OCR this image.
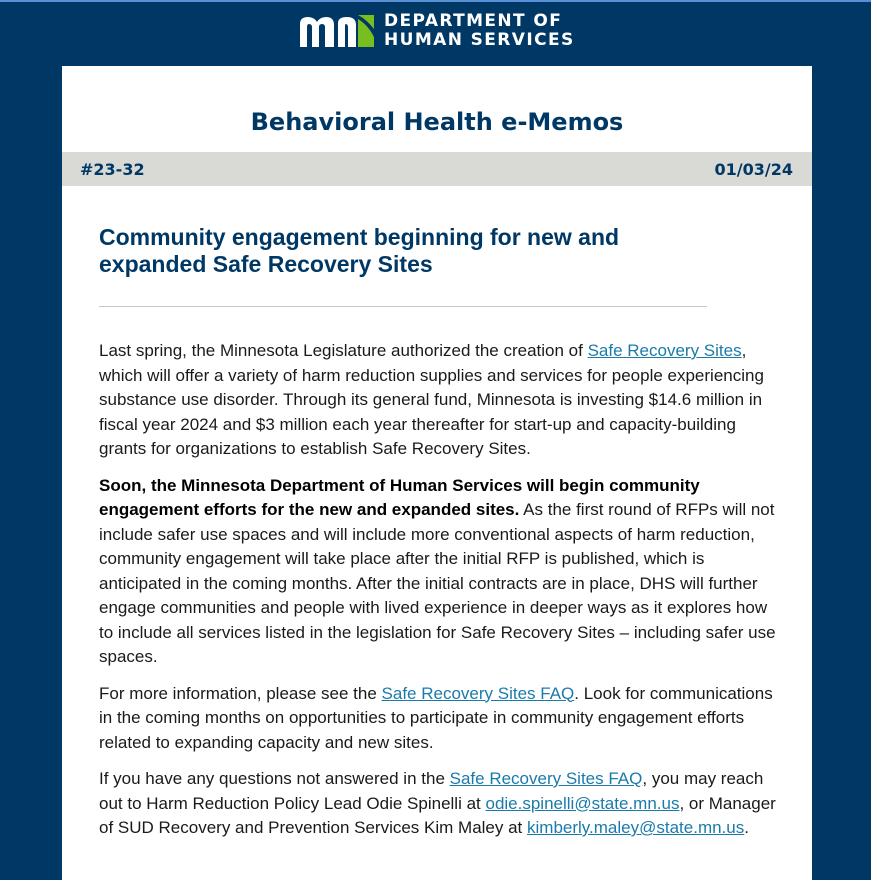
DEPARTMENT OF
HUMAN SERVICES
Behavioral Health e-Memos
#23-32	01/03/24
Community engagement beginning for new and expanded Safe Recovery Sites

Last spring, the Minnesota Legislature authorized the creation of Safe Recovery Sites, which will offer a variety of harm reduction supplies and services for people experiencing substance use disorder. Through its general fund, Minnesota is investing $14.6 million in fiscal year 2024 and $3 million each year thereafter for start-up and capacity-building grants for organizations to establish Safe Recovery Sites.

Soon, the Minnesota Department of Human Services will begin community engagement efforts for the new and expanded sites. As the first round of RFPs will not include safer use spaces and will include more conventional aspects of harm reduction, community engagement will take place after the initial RFP is published, which is anticipated in the coming months. After the initial contracts are in place, DHS will further engage communities and people with lived experience in deeper ways as it explores how to include all services listed in the legislation for Safe Recovery Sites – including safer use spaces.

For more information, please see the Safe Recovery Sites FAQ. Look for communications in the coming months on opportunities to participate in community engagement efforts related to expanding capacity and new sites.

If you have any questions not answered in the Safe Recovery Sites FAQ, you may reach out to Harm Reduction Policy Lead Odie Spinelli at odie.spinelli@state.mn.us, or Manager of SUD Recovery and Prevention Services Kim Maley at kimberly.maley@state.mn.us.
